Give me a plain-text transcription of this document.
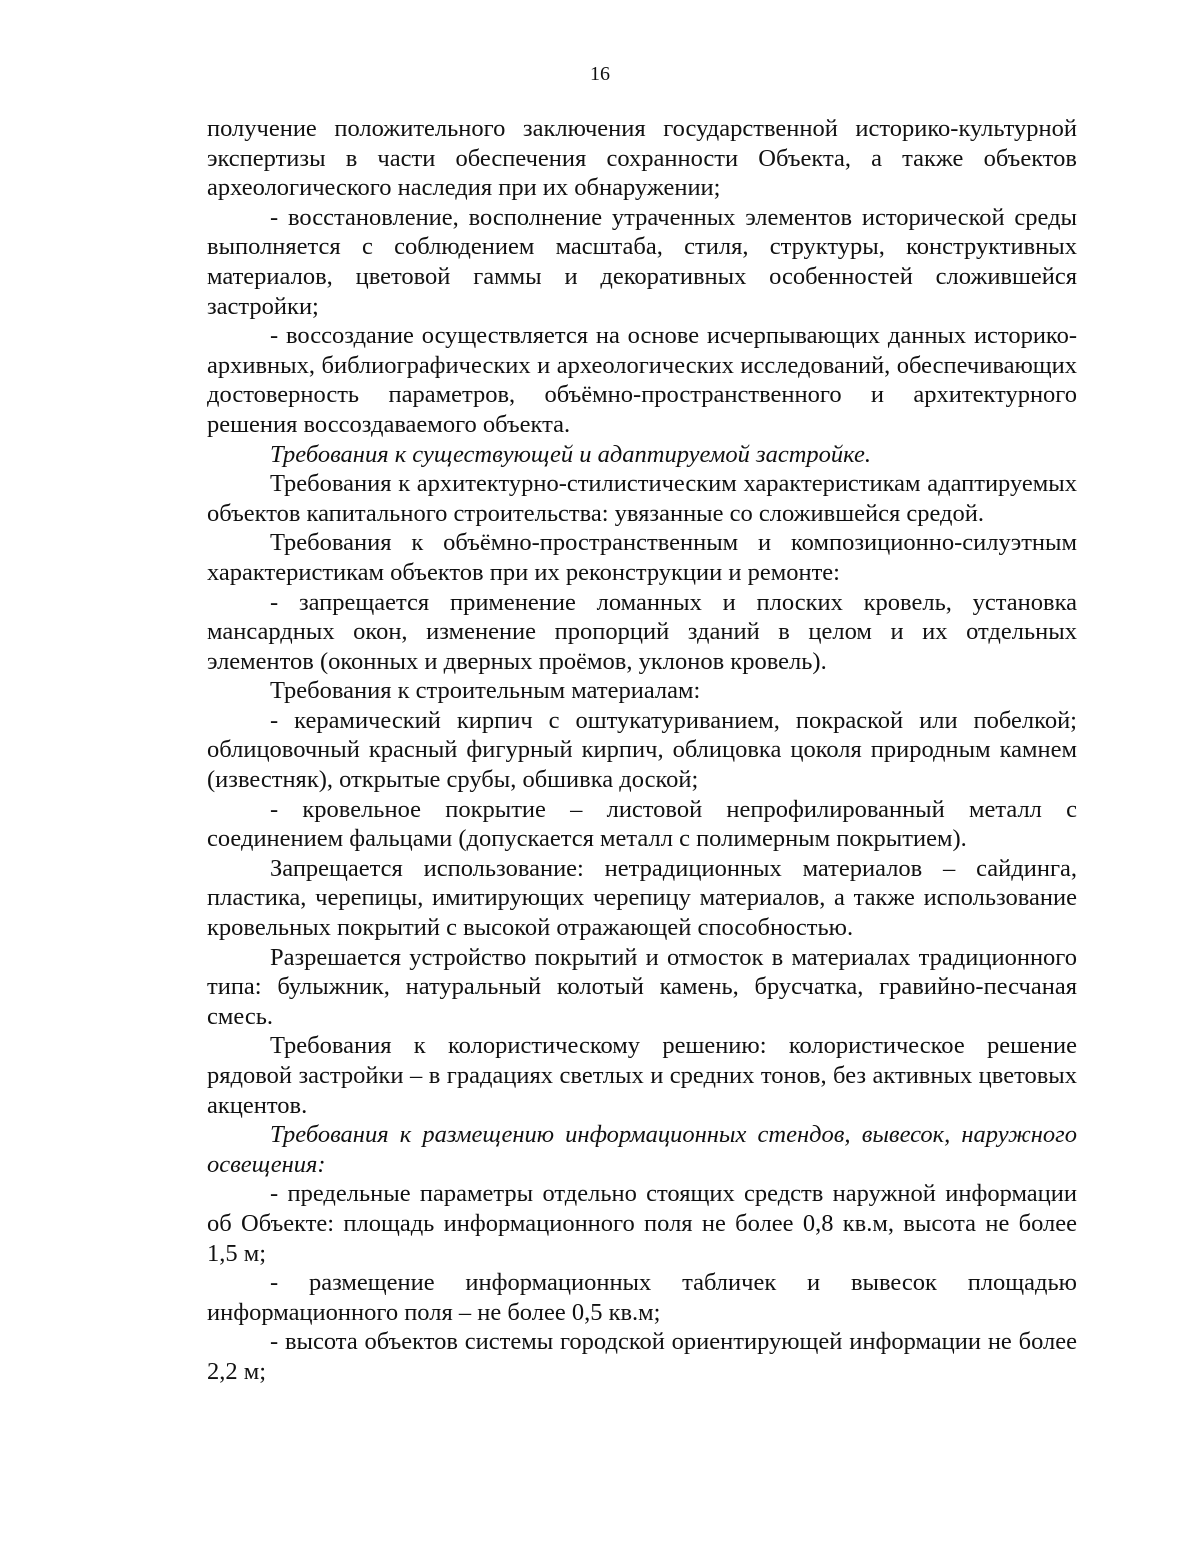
16

получение положительного заключения государственной историко-культурной экспертизы в части обеспечения сохранности Объекта, а также объектов археологического наследия при их обнаружении;

- восстановление, восполнение утраченных элементов исторической среды выполняется с соблюдением масштаба, стиля, структуры, конструктивных материалов, цветовой гаммы и декоративных особенностей сложившейся застройки;

- воссоздание осуществляется на основе исчерпывающих данных историко-архивных, библиографических и археологических исследований, обеспечивающих достоверность параметров, объёмно-пространственного и архитектурного решения воссоздаваемого объекта.

Требования к существующей и адаптируемой застройке.

Требования к архитектурно-стилистическим характеристикам адаптируемых объектов капитального строительства: увязанные со сложившейся средой.

Требования к объёмно-пространственным и композиционно-силуэтным характеристикам объектов при их реконструкции и ремонте:

- запрещается применение ломанных и плоских кровель, установка мансардных окон, изменение пропорций зданий в целом и их отдельных элементов (оконных и дверных проёмов, уклонов кровель).

Требования к строительным материалам:

- керамический кирпич с оштукатуриванием, покраской или побелкой; облицовочный красный фигурный кирпич, облицовка цоколя природным камнем (известняк), открытые срубы, обшивка доской;

- кровельное покрытие – листовой непрофилированный металл с соединением фальцами (допускается металл с полимерным покрытием).

Запрещается использование: нетрадиционных материалов – сайдинга, пластика, черепицы, имитирующих черепицу материалов, а также использование кровельных покрытий с высокой отражающей способностью.

Разрешается устройство покрытий и отмосток в материалах традиционного типа: булыжник, натуральный колотый камень, брусчатка, гравийно-песчаная смесь.

Требования к колористическому решению: колористическое решение рядовой застройки – в градациях светлых и средних тонов, без активных цветовых акцентов.

Требования к размещению информационных стендов, вывесок, наружного освещения:

- предельные параметры отдельно стоящих средств наружной информации об Объекте: площадь информационного поля не более 0,8 кв.м, высота не более 1,5 м;

- размещение информационных табличек и вывесок площадью информационного поля – не более 0,5 кв.м;

- высота объектов системы городской ориентирующей информации не более 2,2 м;
